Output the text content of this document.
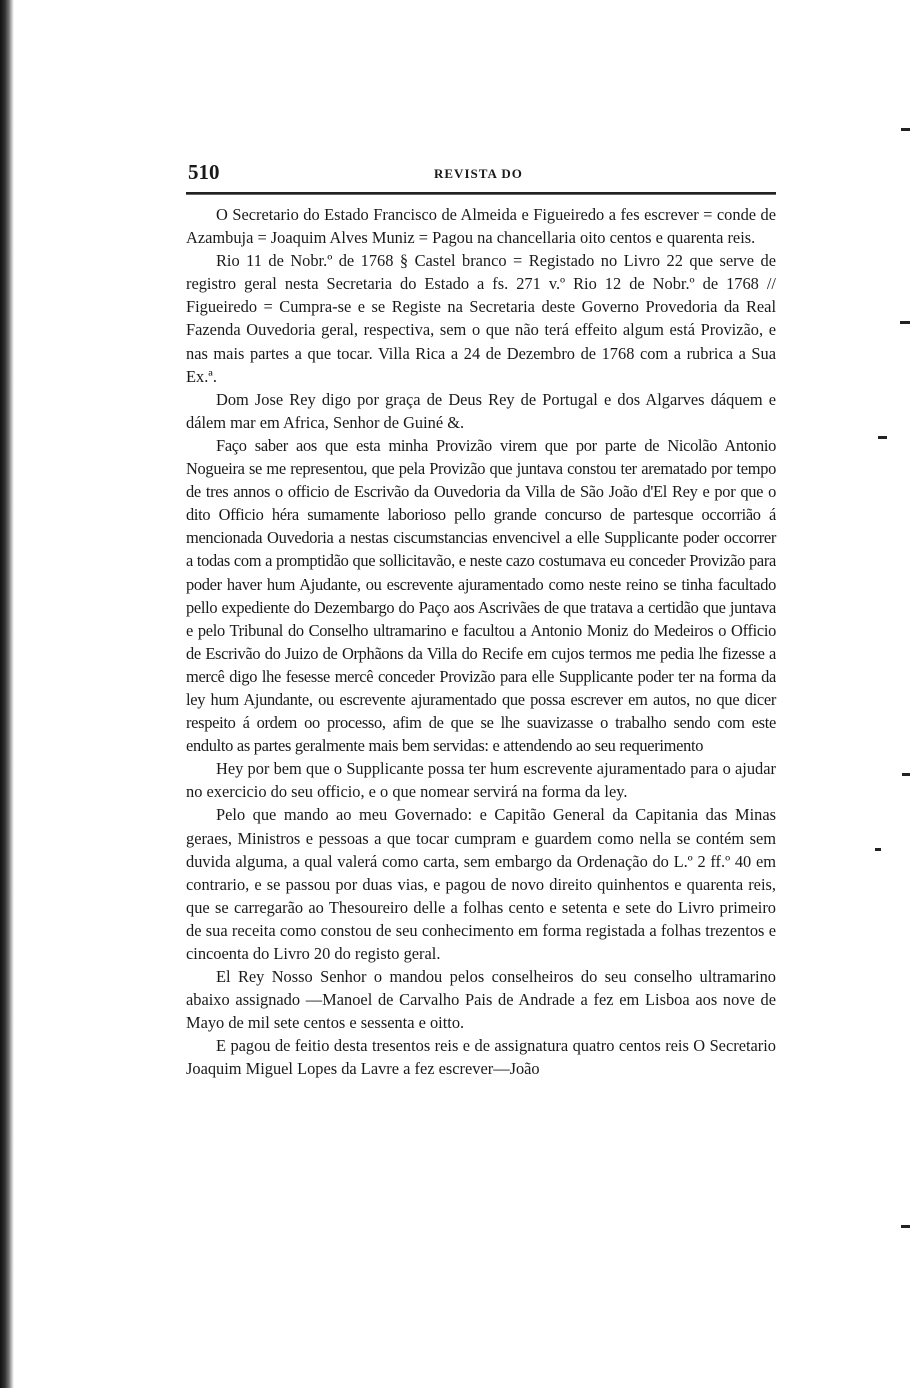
510	REVISTA DO

O Secretario do Estado Francisco de Almeida e Figueiredo a fes escrever = conde de Azambuja = Joaquim Alves Muniz = Pagou na chancellaria oito centos e quarenta reis.

Rio 11 de Nobr.º de 1768 § Castel branco = Registado no Livro 22 que serve de registro geral nesta Secretaria do Estado a fs. 271 v.º Rio 12 de Nobr.º de 1768 // Figueiredo = Cumpra-se e se Registe na Secretaria deste Governo Provedoria da Real Fazenda Ouvedoria geral, respectiva, sem o que não terá effeito algum está Provizão, e nas mais partes a que tocar. Villa Rica a 24 de Dezembro de 1768 com a rubrica a Sua Ex.ª.

Dom Jose Rey digo por graça de Deus Rey de Portugal e dos Algarves dáquem e dálem mar em Africa, Senhor de Guiné &.

Faço saber aos que esta minha Provizão virem que por parte de Nicolão Antonio Nogueira se me representou, que pela Provizão que juntava constou ter arematado por tempo de tres annos o officio de Escrivão da Ouvedoria da Villa de São João d'El Rey e por que o dito Officio héra sumamente laborioso pello grande concurso de partesque occorrião á mencionada Ouvedoria a nestas ciscumstancias envencivel a elle Supplicante poder occorrer a todas com a promptidão que sollicitavão, e neste cazo costumava eu conceder Provizão para poder haver hum Ajudante, ou escrevente ajuramentado como neste reino se tinha facultado pello expediente do Dezembargo do Paço aos Ascrivães de que tratava a certidão que juntava e pelo Tribunal do Conselho ultramarino e facultou a Antonio Moniz do Medeiros o Officio de Escrivão do Juizo de Orphãons da Villa do Recife em cujos termos me pedia lhe fizesse a mercê digo lhe fesesse mercê conceder Provizão para elle Supplicante poder ter na forma da ley hum Ajundante, ou escrevente ajuramentado que possa escrever em autos, no que dicer respeito á ordem oo processo, afim de que se lhe suavizasse o trabalho sendo com este endulto as partes geralmente mais bem servidas: e attendendo ao seu requerimento

Hey por bem que o Supplicante possa ter hum escrevente ajuramentado para o ajudar no exercicio do seu officio, e o que nomear servirá na forma da ley.

Pelo que mando ao meu Governado: e Capitão General da Capitania das Minas geraes, Ministros e pessoas a que tocar cumpram e guardem como nella se contém sem duvida alguma, a qual valerá como carta, sem embargo da Ordenação do L.º 2 ff.º 40 em contrario, e se passou por duas vias, e pagou de novo direito quinhentos e quarenta reis, que se carregarão ao Thesoureiro delle a folhas cento e setenta e sete do Livro primeiro de sua receita como constou de seu conhecimento em forma registada a folhas trezentos e cincoenta do Livro 20 do registo geral.

El Rey Nosso Senhor o mandou pelos conselheiros do seu conselho ultramarino abaixo assignado —Manoel de Carvalho Pais de Andrade a fez em Lisboa aos nove de Mayo de mil sete centos e sessenta e oitto.

E pagou de feitio desta tresentos reis e de assignatura quatro centos reis O Secretario Joaquim Miguel Lopes da Lavre a fez escrever—João
